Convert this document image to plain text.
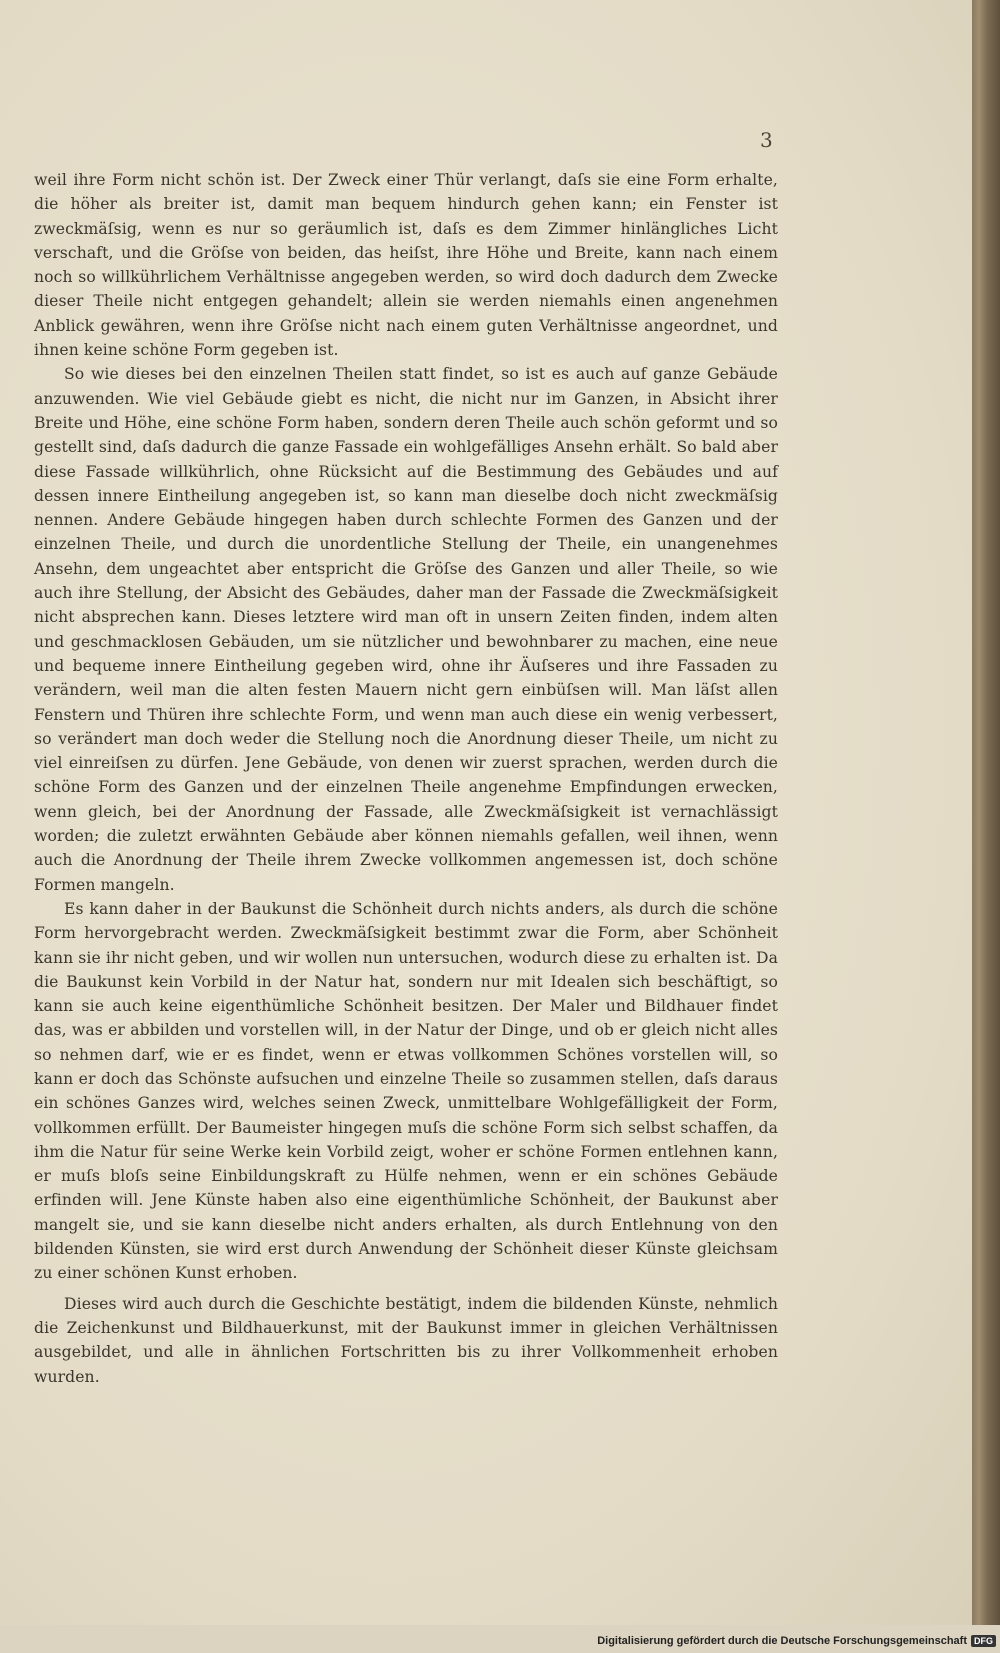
3

weil ihre Form nicht schön ist. Der Zweck einer Thür verlangt, daſs sie eine Form erhalte, die höher als breiter ist, damit man bequem hindurch gehen kann; ein Fenster ist zweckmäſsig, wenn es nur so geräumlich ist, daſs es dem Zimmer hinlängliches Licht verschaft, und die Gröſse von beiden, das heiſst, ihre Höhe und Breite, kann nach einem noch so willkührlichem Verhältnisse angegeben werden, so wird doch dadurch dem Zwecke dieser Theile nicht entgegen gehandelt; allein sie werden niemahls einen angenehmen Anblick gewähren, wenn ihre Gröſse nicht nach einem guten Verhältnisse angeordnet, und ihnen keine schöne Form gegeben ist.

So wie dieses bei den einzelnen Theilen statt findet, so ist es auch auf ganze Gebäude anzuwenden. Wie viel Gebäude giebt es nicht, die nicht nur im Ganzen, in Absicht ihrer Breite und Höhe, eine schöne Form haben, sondern deren Theile auch schön geformt und so gestellt sind, daſs dadurch die ganze Fassade ein wohlgefälliges Ansehn erhält. So bald aber diese Fassade willkührlich, ohne Rücksicht auf die Bestimmung des Gebäudes und auf dessen innere Eintheilung angegeben ist, so kann man dieselbe doch nicht zweckmäſsig nennen. Andere Gebäude hingegen haben durch schlechte Formen des Ganzen und der einzelnen Theile, und durch die unordentliche Stellung der Theile, ein unangenehmes Ansehn, dem ungeachtet aber entspricht die Gröſse des Ganzen und aller Theile, so wie auch ihre Stellung, der Absicht des Gebäudes, daher man der Fassade die Zweckmäſsigkeit nicht absprechen kann. Dieses letztere wird man oft in unsern Zeiten finden, indem alten und geschmacklosen Gebäuden, um sie nützlicher und bewohnbarer zu machen, eine neue und bequeme innere Eintheilung gegeben wird, ohne ihr Äuſseres und ihre Fassaden zu verändern, weil man die alten festen Mauern nicht gern einbüſsen will. Man läſst allen Fenstern und Thüren ihre schlechte Form, und wenn man auch diese ein wenig verbessert, so verändert man doch weder die Stellung noch die Anordnung dieser Theile, um nicht zu viel einreiſsen zu dürfen. Jene Gebäude, von denen wir zuerst sprachen, werden durch die schöne Form des Ganzen und der einzelnen Theile angenehme Empfindungen erwecken, wenn gleich, bei der Anordnung der Fassade, alle Zweckmäſsigkeit ist vernachlässigt worden; die zuletzt erwähnten Gebäude aber können niemahls gefallen, weil ihnen, wenn auch die Anordnung der Theile ihrem Zwecke vollkommen angemessen ist, doch schöne Formen mangeln.

Es kann daher in der Baukunst die Schönheit durch nichts anders, als durch die schöne Form hervorgebracht werden. Zweckmäſsigkeit bestimmt zwar die Form, aber Schönheit kann sie ihr nicht geben, und wir wollen nun untersuchen, wodurch diese zu erhalten ist. Da die Baukunst kein Vorbild in der Natur hat, sondern nur mit Idealen sich beschäftigt, so kann sie auch keine eigenthümliche Schönheit besitzen. Der Maler und Bildhauer findet das, was er abbilden und vorstellen will, in der Natur der Dinge, und ob er gleich nicht alles so nehmen darf, wie er es findet, wenn er etwas vollkommen Schönes vorstellen will, so kann er doch das Schönste aufsuchen und einzelne Theile so zusammen stellen, daſs daraus ein schönes Ganzes wird, welches seinen Zweck, unmittelbare Wohlgefälligkeit der Form, vollkommen erfüllt. Der Baumeister hingegen muſs die schöne Form sich selbst schaffen, da ihm die Natur für seine Werke kein Vorbild zeigt, woher er schöne Formen entlehnen kann, er muſs bloſs seine Einbildungskraft zu Hülfe nehmen, wenn er ein schönes Gebäude erfinden will. Jene Künste haben also eine eigenthümliche Schönheit, der Baukunst aber mangelt sie, und sie kann dieselbe nicht anders erhalten, als durch Entlehnung von den bildenden Künsten, sie wird erst durch Anwendung der Schönheit dieser Künste gleichsam zu einer schönen Kunst erhoben.

Dieses wird auch durch die Geschichte bestätigt, indem die bildenden Künste, nehmlich die Zeichenkunst und Bildhauerkunst, mit der Baukunst immer in gleichen Verhältnissen ausgebildet, und alle in ähnlichen Fortschritten bis zu ihrer Vollkommenheit erhoben wurden.

Digitalisierung gefördert durch die Deutsche Forschungsgemeinschaft DFG
